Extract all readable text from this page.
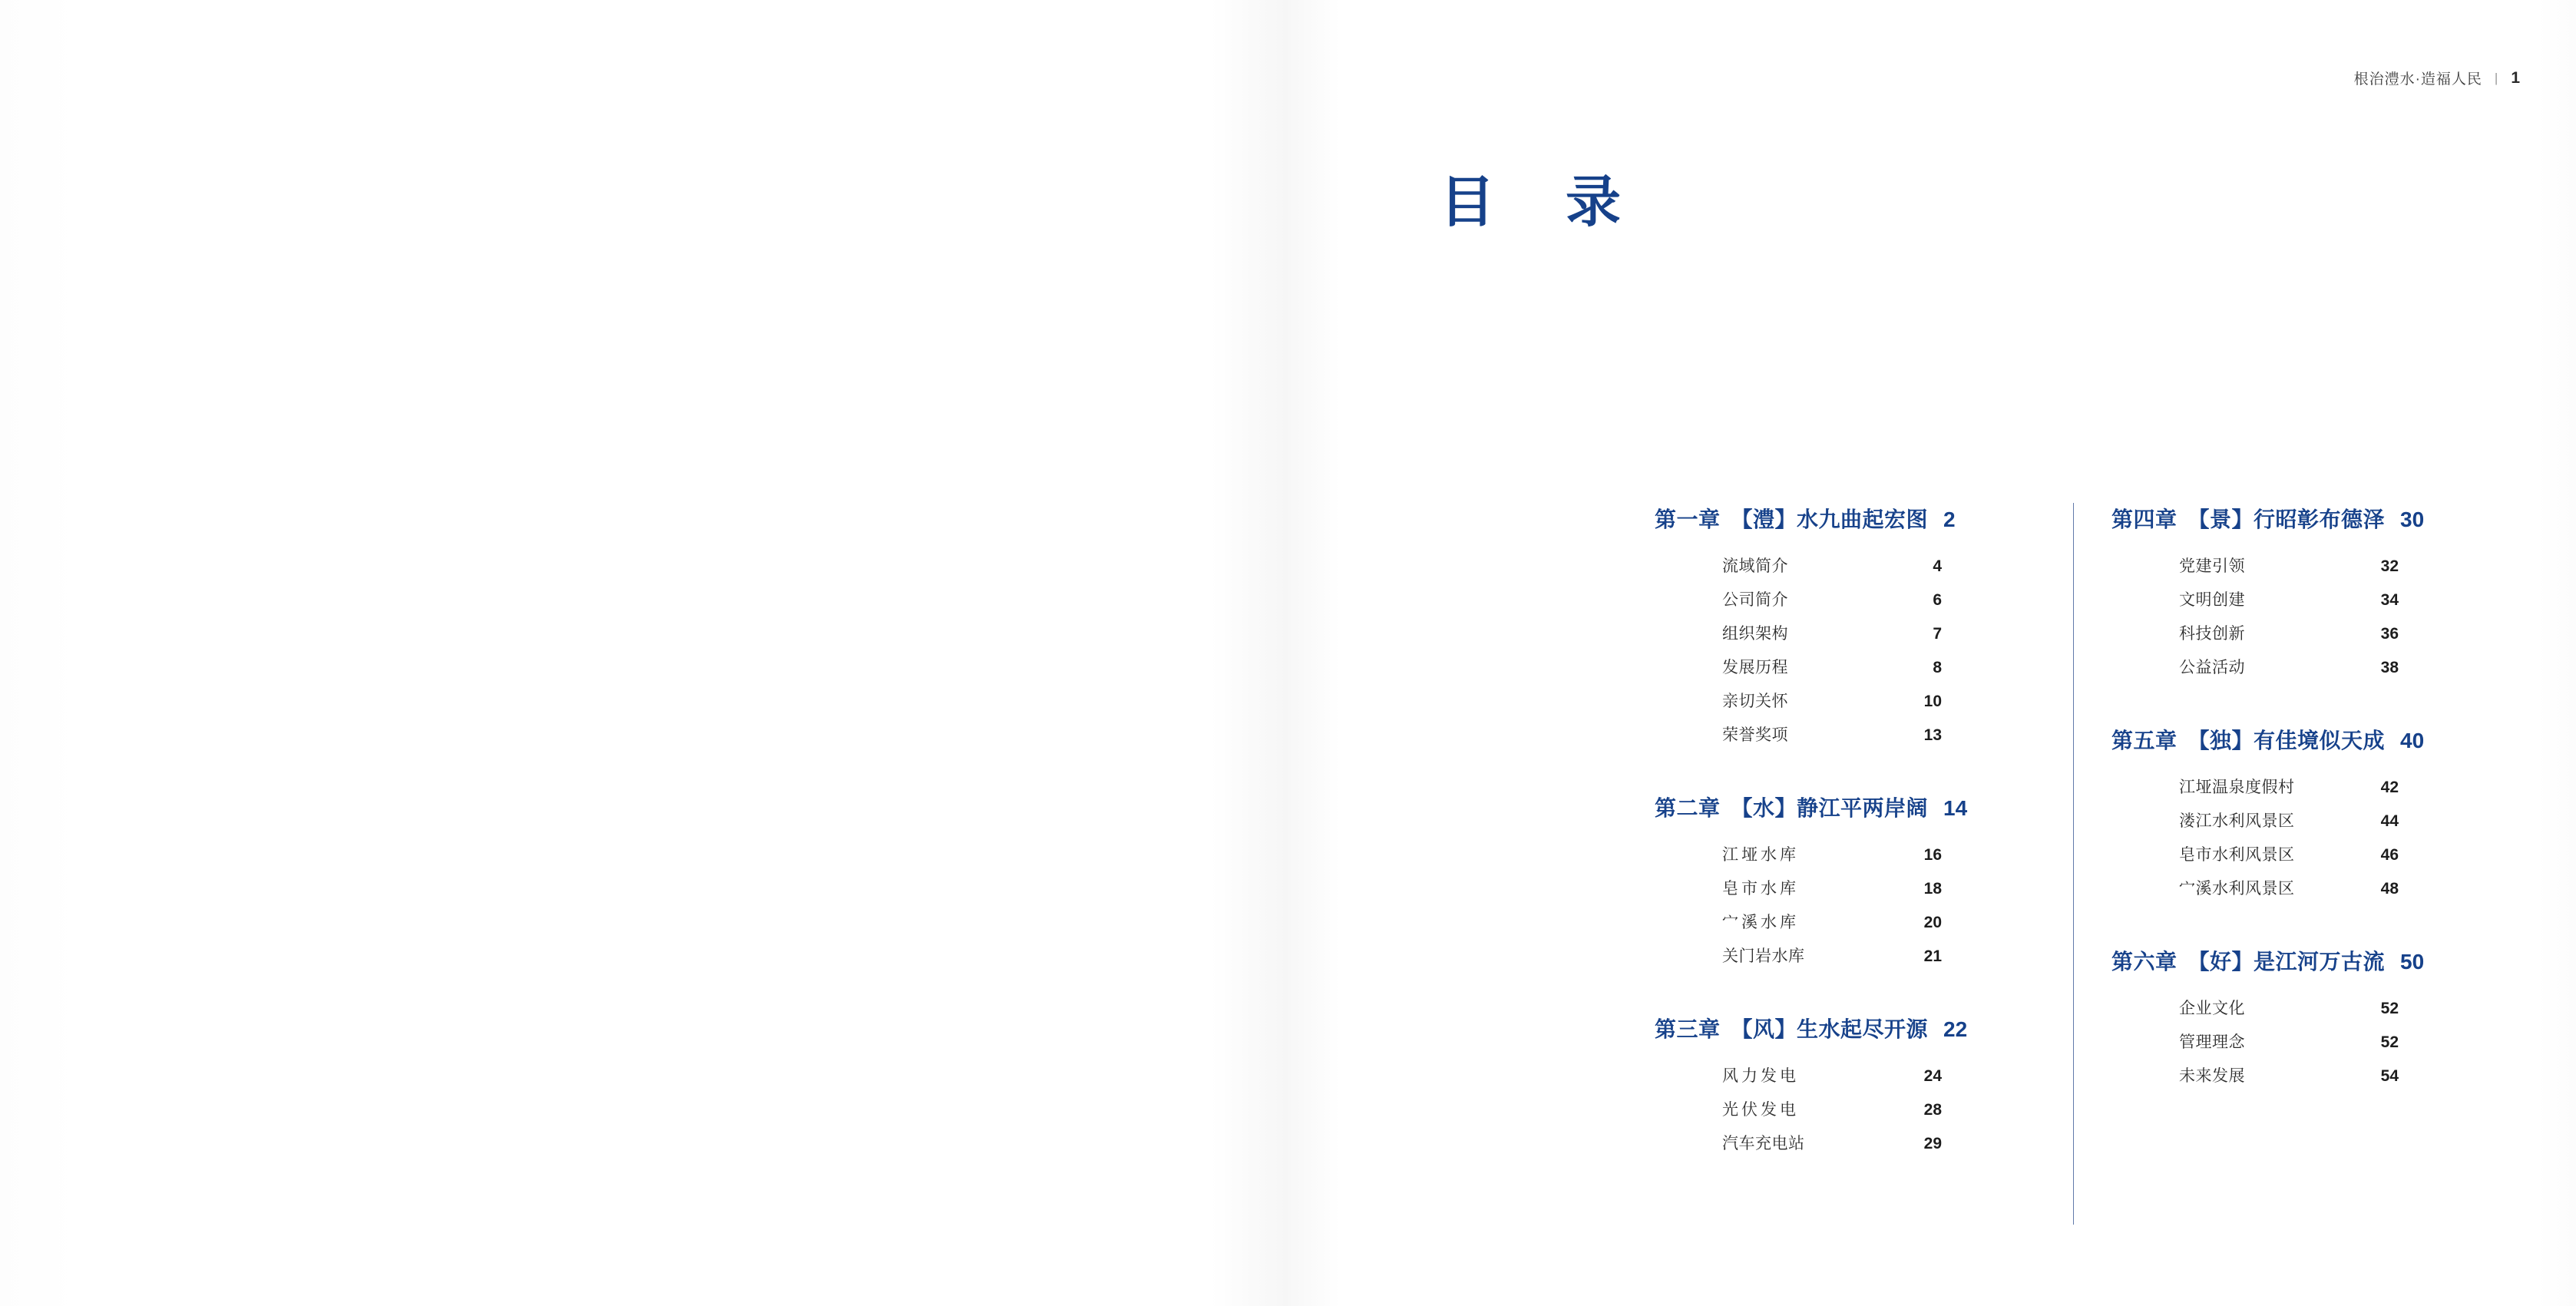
根治澧水·造福人民 | 1
目 录
第一章 【澧】水九曲起宏图 2
流域简介	4
公司简介	6
组织架构	7
发展历程	8
亲切关怀	10
荣誉奖项	13
第二章 【水】静江平两岸阔 14
江垭水库	16
皂市水库	18
宀溪水库	20
关门岩水库	21
第三章 【风】生水起尽开源 22
风力发电	24
光伏发电	28
汽车充电站	29
第四章 【景】行昭彰布德泽 30
党建引领	32
文明创建	34
科技创新	36
公益活动	38
第五章 【独】有佳境似天成 40
江垭温泉度假村	42
溇江水利风景区	44
皂市水利风景区	46
宀溪水利风景区	48
第六章 【好】是江河万古流 50
企业文化	52
管理理念	52
未来发展	54
